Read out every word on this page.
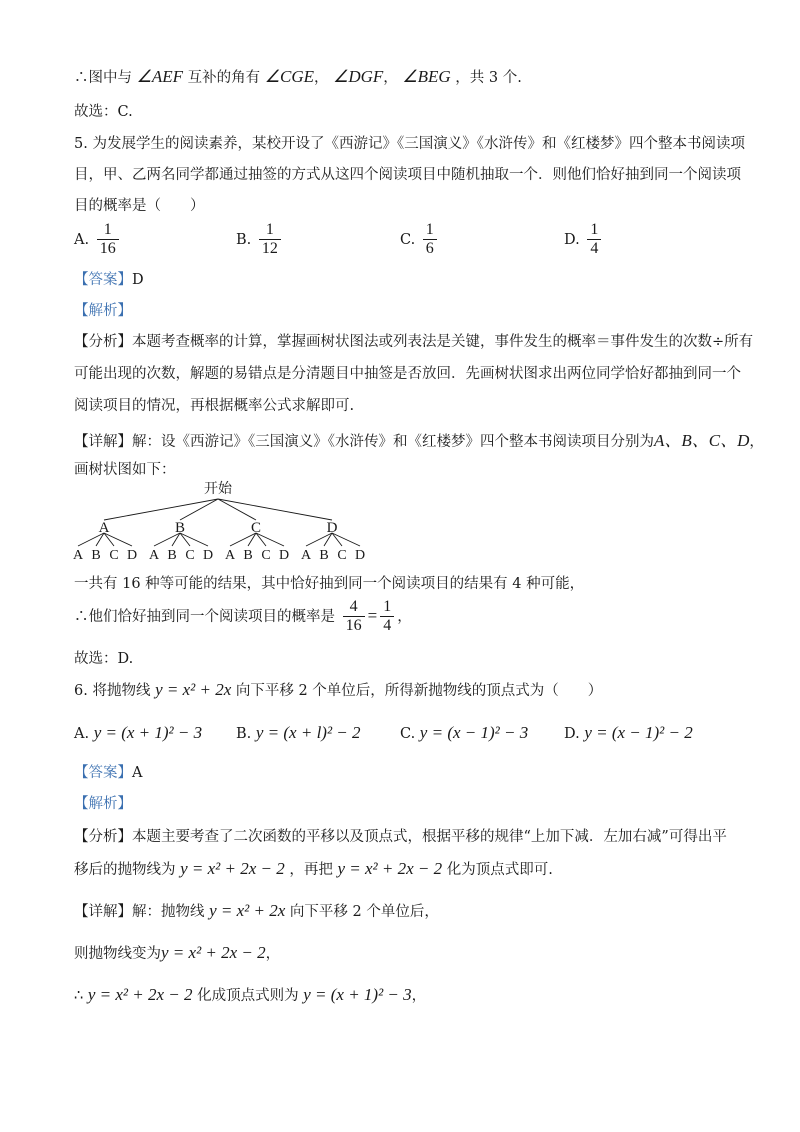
∴图中与 ∠AEF 互补的角有 ∠CGE， ∠DGF， ∠BEG ，共 3 个.
故选：C.
5. 为发展学生的阅读素养，某校开设了《西游记》《三国演义》《水浒传》和《红楼梦》四个整本书阅读项
目，甲、乙两名同学都通过抽签的方式从这四个阅读项目中随机抽取一个．则他们恰好抽到同一个阅读项
目的概率是（　　）
A. $\frac{1}{16}$	B. $\frac{1}{12}$	C. $\frac{1}{6}$	D. $\frac{1}{4}$
【答案】D
【解析】
【分析】本题考查概率的计算，掌握画树状图法或列表法是关键，事件发生的概率＝事件发生的次数÷所有
可能出现的次数，解题的易错点是分清题目中抽签是否放回．先画树状图求出两位同学恰好都抽到同一个
阅读项目的情况，再根据概率公式求解即可.
【详解】解：设《西游记》《三国演义》《水浒传》和《红楼梦》四个整本书阅读项目分别为A、B、C、D，
画树状图如下：
开始
A	B	C	D
A B C D A B C D A B C D A B C D
一共有 16 种等可能的结果，其中恰好抽到同一个阅读项目的结果有 4 种可能，
∴他们恰好抽到同一个阅读项目的概率是 $\frac{4}{16} = \frac{1}{4}$ ，
故选：D.
6. 将抛物线 y = x² + 2x 向下平移 2 个单位后，所得新抛物线的顶点式为（　　）
A. y = (x + 1)² − 3 B. y = (x + l)² − 2	C. y = (x − 1)² − 3 D. y = (x − 1)² − 2
【答案】A
【解析】
【分析】本题主要考查了二次函数的平移以及顶点式，根据平移的规律“上加下减．左加右减”可得出平
移后的抛物线为 y = x² + 2x − 2 ，再把 y = x² + 2x − 2 化为顶点式即可.
【详解】解：抛物线 y = x² + 2x 向下平移 2 个单位后，
则抛物线变为y = x² + 2x − 2，
∴ y = x² + 2x − 2 化成顶点式则为 y = (x + 1)² − 3，
